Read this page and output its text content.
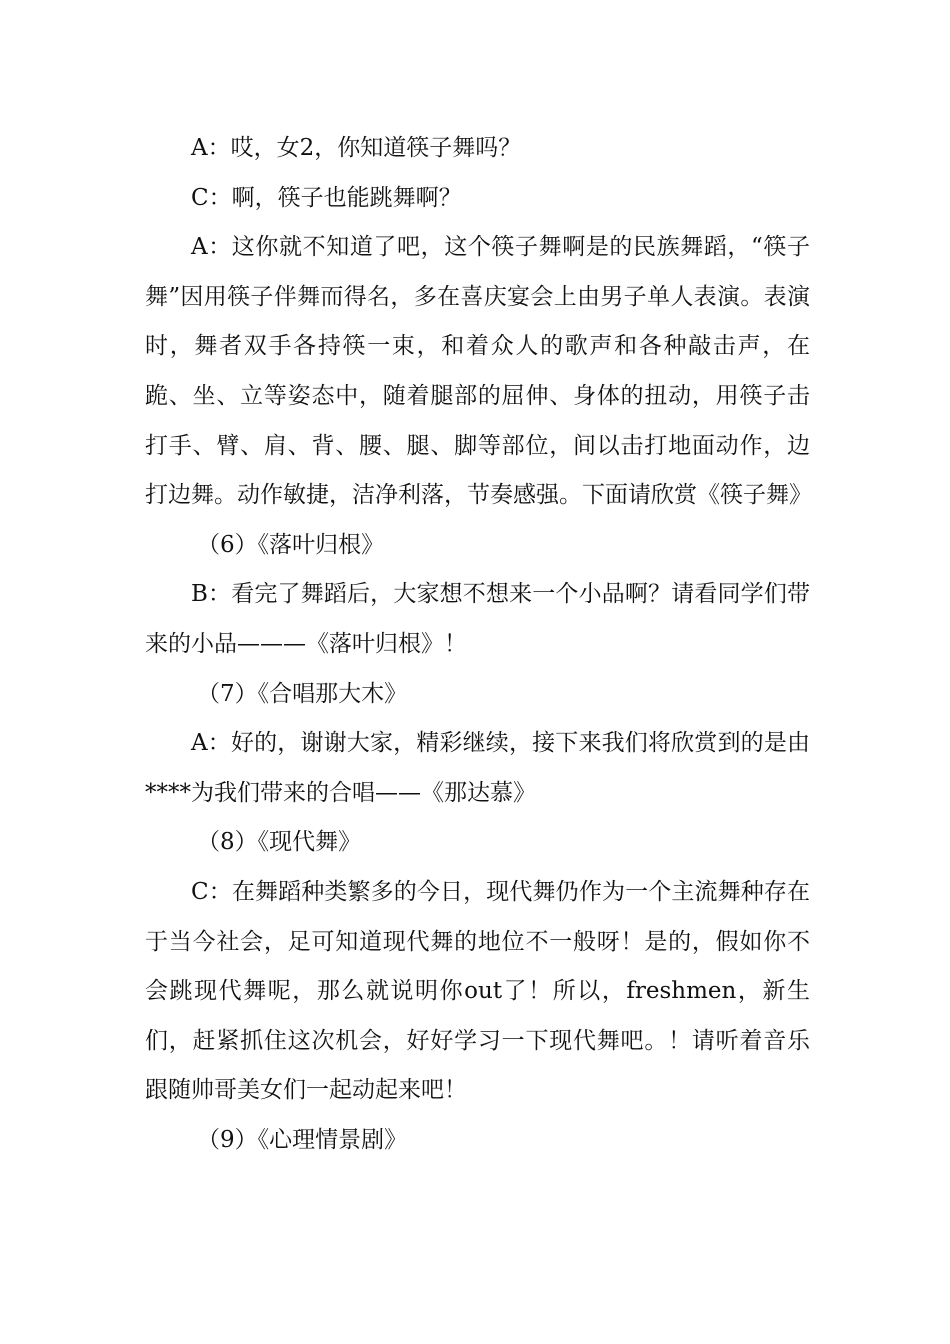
A：哎，女2，你知道筷子舞吗？

C：啊，筷子也能跳舞啊？

A：这你就不知道了吧，这个筷子舞啊是的民族舞蹈，“筷子舞”因用筷子伴舞而得名，多在喜庆宴会上由男子单人表演。表演时，舞者双手各持筷一束，和着众人的歌声和各种敲击声，在跪、坐、立等姿态中，随着腿部的屈伸、身体的扭动，用筷子击打手、臂、肩、背、腰、腿、脚等部位，间以击打地面动作，边打边舞。动作敏捷，洁净利落，节奏感强。下面请欣赏《筷子舞》

（6）《落叶归根》

B：看完了舞蹈后，大家想不想来一个小品啊？请看同学们带来的小品———《落叶归根》！

（7）《合唱那大木》

A：好的，谢谢大家，精彩继续，接下来我们将欣赏到的是由****为我们带来的合唱——《那达慕》

（8）《现代舞》

C：在舞蹈种类繁多的今日，现代舞仍作为一个主流舞种存在于当今社会，足可知道现代舞的地位不一般呀！是的，假如你不会跳现代舞呢，那么就说明你out了！所以，freshmen，新生们，赶紧抓住这次机会，好好学习一下现代舞吧。！请听着音乐跟随帅哥美女们一起动起来吧！

（9）《心理情景剧》
